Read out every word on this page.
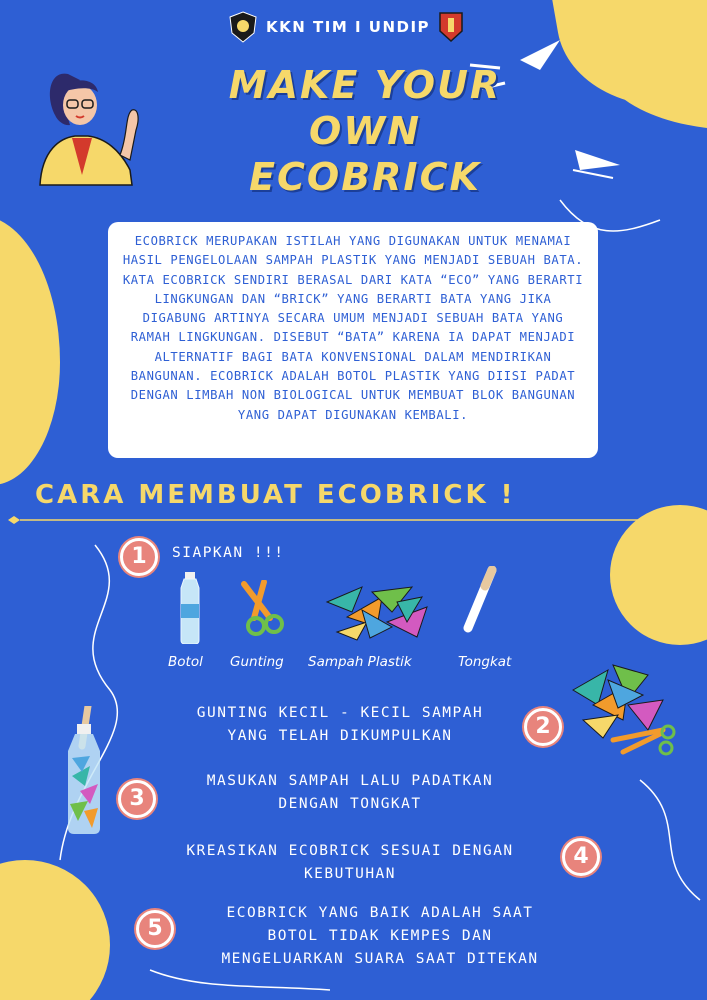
KKN TIM I UNDIP
MAKE YOUR
OWN
ECOBRICK
ECOBRICK MERUPAKAN ISTILAH YANG DIGUNAKAN UNTUK MENAMAI HASIL PENGELOLAAN SAMPAH PLASTIK YANG MENJADI SEBUAH BATA. KATA ECOBRICK SENDIRI BERASAL DARI KATA “ECO” YANG BERARTI LINGKUNGAN DAN “BRICK” YANG BERARTI BATA YANG JIKA DIGABUNG ARTINYA SECARA UMUM MENJADI SEBUAH BATA YANG RAMAH LINGKUNGAN. DISEBUT “BATA” KARENA IA DAPAT MENJADI ALTERNATIF BAGI BATA KONVENSIONAL DALAM MENDIRIKAN BANGUNAN. ECOBRICK ADALAH BOTOL PLASTIK YANG DIISI PADAT DENGAN LIMBAH NON BIOLOGICAL UNTUK MEMBUAT BLOK BANGUNAN YANG DAPAT DIGUNAKAN KEMBALI.
CARA MEMBUAT ECOBRICK !
1	SIAPKAN !!!
Botol Gunting Sampah Plastik	Tongkat
GUNTING KECIL - KECIL SAMPAH
YANG TELAH DIKUMPULKAN	2
3
MASUKAN SAMPAH LALU PADATKAN
DENGAN TONGKAT
KREASIKAN ECOBRICK SESUAI DENGAN
KEBUTUHAN
4
5
ECOBRICK YANG BAIK ADALAH SAAT
BOTOL TIDAK KEMPES DAN
MENGELUARKAN SUARA SAAT DITEKAN
